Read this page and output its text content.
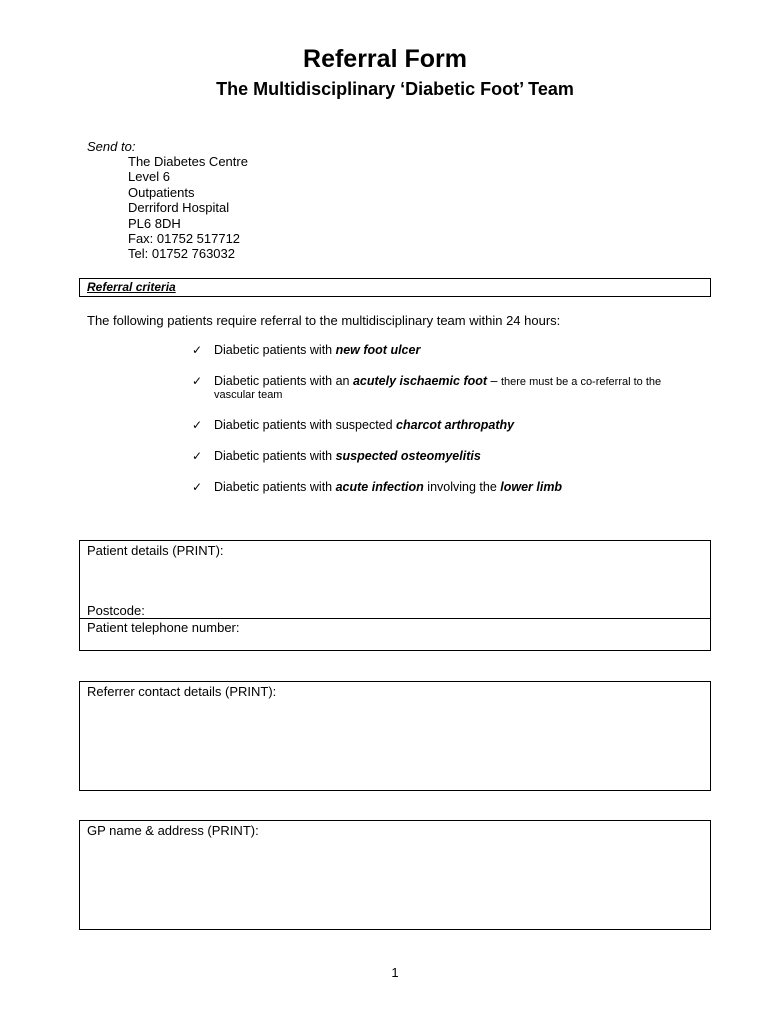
Referral Form
The Multidisciplinary ‘Diabetic Foot’ Team
Send to:
The Diabetes Centre
Level 6
Outpatients
Derriford Hospital
PL6 8DH
Fax: 01752 517712
Tel: 01752 763032
Referral criteria
The following patients require referral to the multidisciplinary team within 24 hours:
✓ Diabetic patients with new foot ulcer
✓ Diabetic patients with an acutely ischaemic foot – there must be a co-referral to the
vascular team
✓ Diabetic patients with suspected charcot arthropathy
✓ Diabetic patients with suspected osteomyelitis
✓ Diabetic patients with acute infection involving the lower limb
Patient details (PRINT):
Postcode:
Patient telephone number:
Referrer contact details (PRINT):
GP name & address (PRINT):
1
